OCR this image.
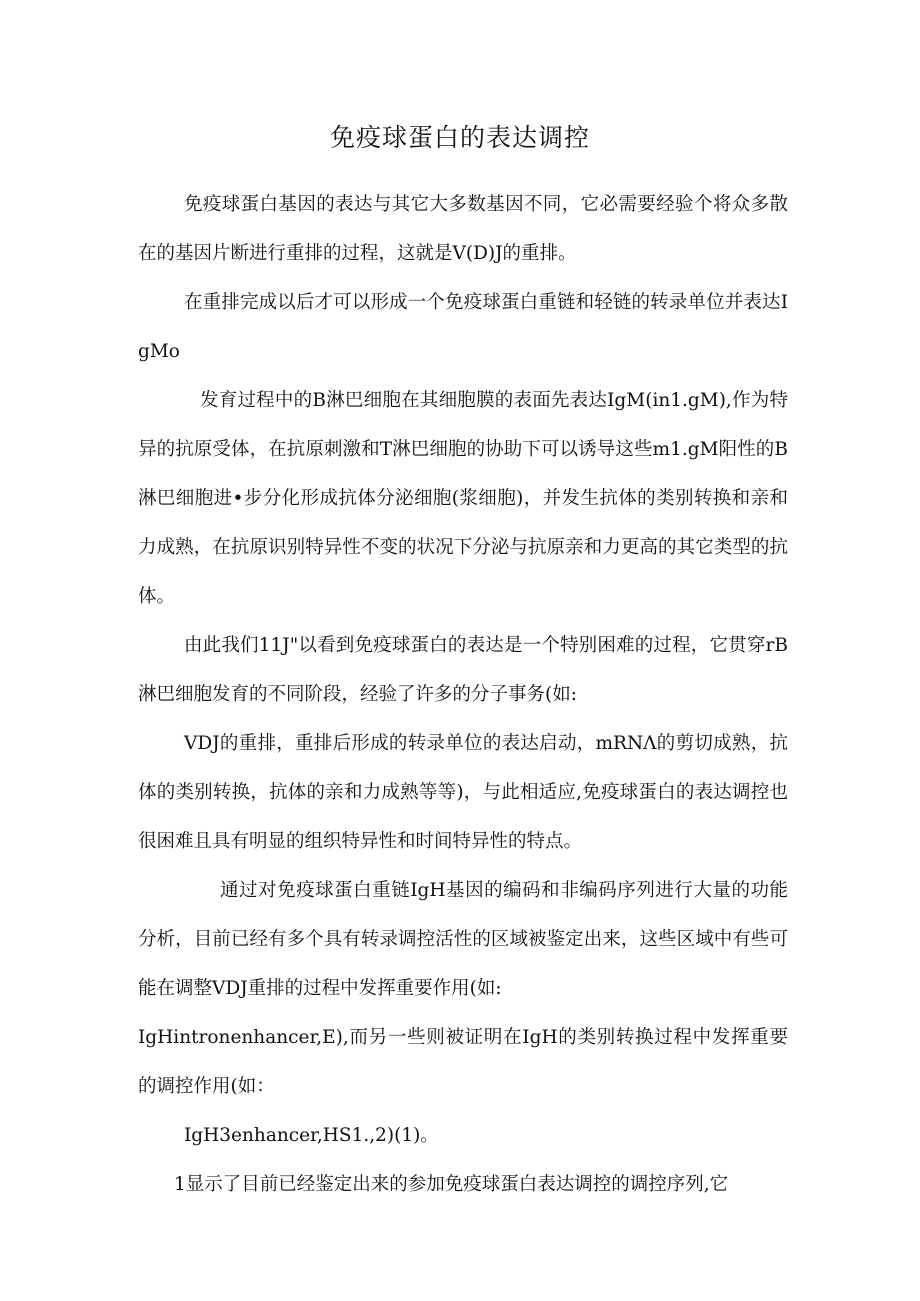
免疫球蛋白的表达调控

免疫球蛋白基因的表达与其它大多数基因不同，它必需要经验个将众多散在的基因片断进行重排的过程，这就是V(D)J的重排。

在重排完成以后才可以形成一个免疫球蛋白重链和轻链的转录单位并表达IgMo

发育过程中的B淋巴细胞在其细胞膜的表面先表达IgM(in1.gM),作为特异的抗原受体，在抗原刺激和T淋巴细胞的协助下可以诱导这些m1.gM阳性的B淋巴细胞进•步分化形成抗体分泌细胞(浆细胞)，并发生抗体的类别转换和亲和力成熟，在抗原识别特异性不变的状况下分泌与抗原亲和力更高的其它类型的抗体。

由此我们11J"以看到免疫球蛋白的表达是一个特别困难的过程，它贯穿rB淋巴细胞发育的不同阶段，经验了许多的分子事务(如:

VDJ的重排，重排后形成的转录单位的表达启动，mRNΛ的剪切成熟，抗体的类别转换，抗体的亲和力成熟等等)，与此相适应,免疫球蛋白的表达调控也很困难且具有明显的组织特异性和时间特异性的特点。

通过对免疫球蛋白重链IgH基因的编码和非编码序列进行大量的功能分析，目前已经有多个具有转录调控活性的区域被鉴定出来，这些区域中有些可能在调整VDJ重排的过程中发挥重要作用(如:

IgHintronenhancer,E),而另一些则被证明在IgH的类别转换过程中发挥重要的调控作用(如：

IgH3enhancer,HS1.,2)(1)。

1显示了目前已经鉴定出来的参加免疫球蛋白表达调控的调控序列,它
